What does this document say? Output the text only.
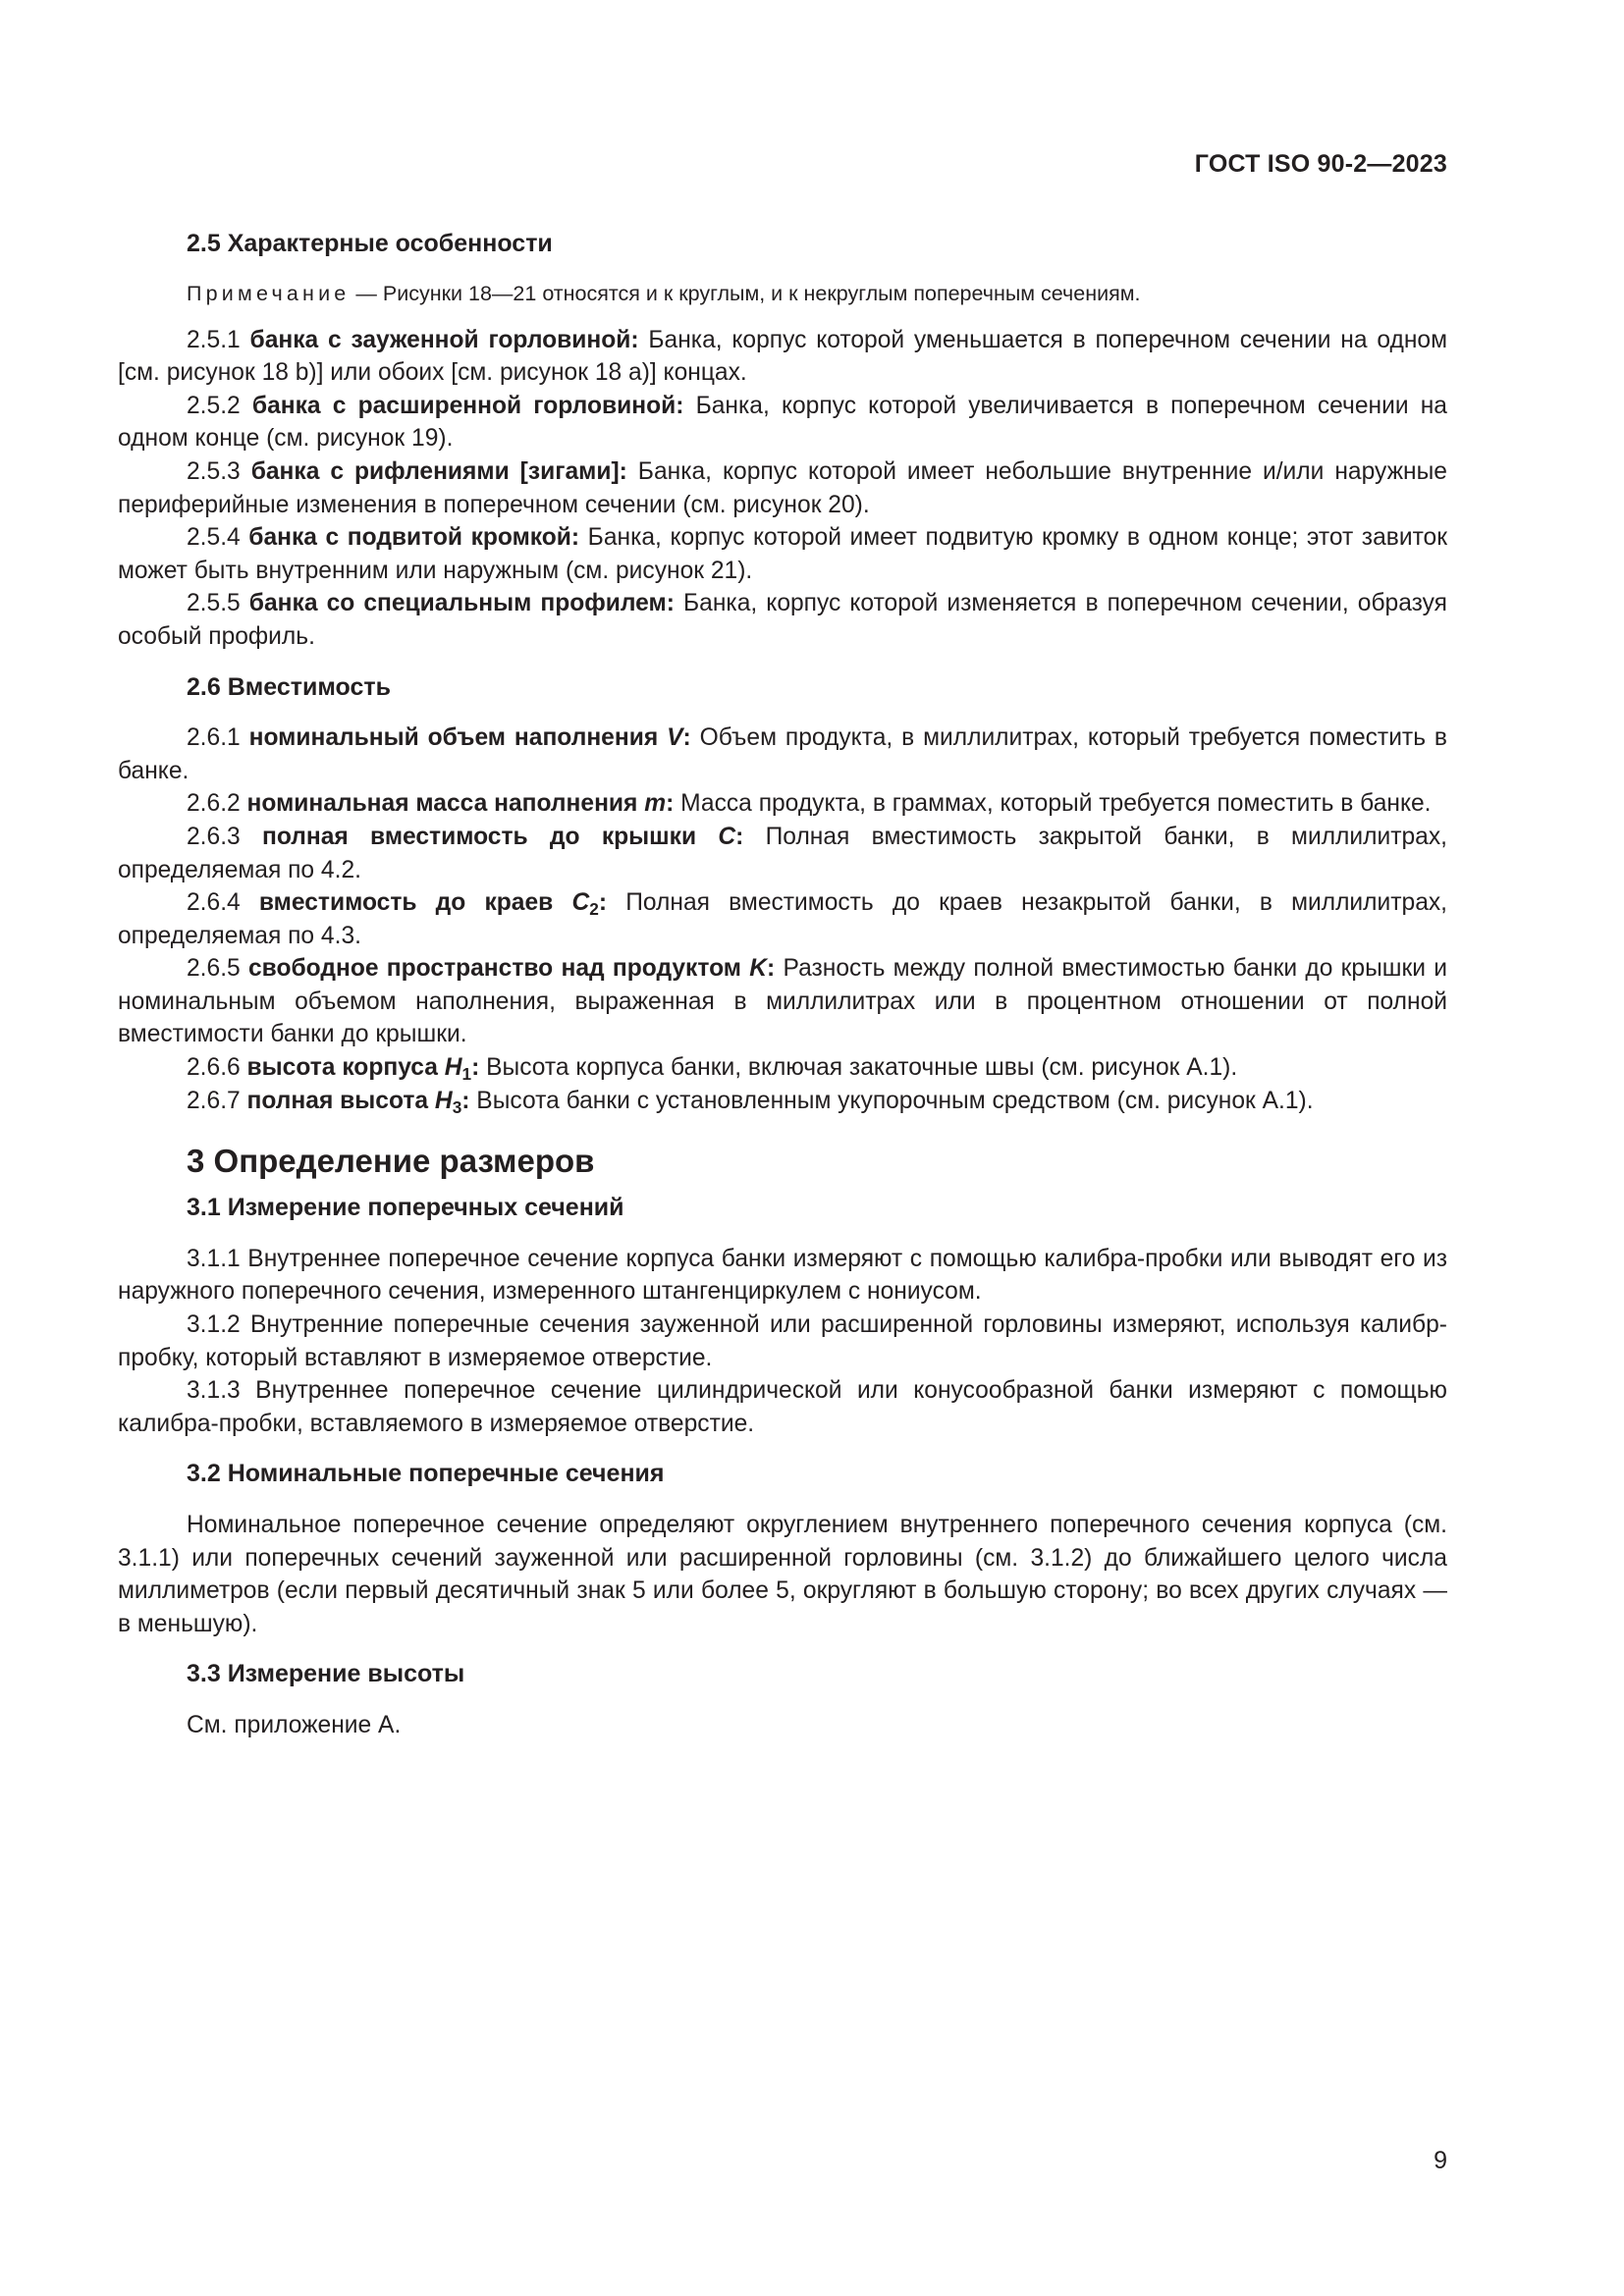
ГОСТ ISO 90-2—2023
2.5 Характерные особенности
Примечание — Рисунки 18—21 относятся и к круглым, и к некруглым поперечным сечениям.

2.5.1 банка с зауженной горловиной: Банка, корпус которой уменьшается в поперечном сечении на одном [см. рисунок 18 b)] или обоих [см. рисунок 18 a)] концах.

2.5.2 банка с расширенной горловиной: Банка, корпус которой увеличивается в поперечном сечении на одном конце (см. рисунок 19).

2.5.3 банка с рифлениями [зигами]: Банка, корпус которой имеет небольшие внутренние и/или наружные периферийные изменения в поперечном сечении (см. рисунок 20).

2.5.4 банка с подвитой кромкой: Банка, корпус которой имеет подвитую кромку в одном конце; этот завиток может быть внутренним или наружным (см. рисунок 21).

2.5.5 банка со специальным профилем: Банка, корпус которой изменяется в поперечном сечении, образуя особый профиль.

2.6 Вместимость

2.6.1 номинальный объем наполнения V: Объем продукта, в миллилитрах, который требуется поместить в банке.

2.6.2 номинальная масса наполнения m: Масса продукта, в граммах, который требуется поместить в банке.

2.6.3 полная вместимость до крышки C: Полная вместимость закрытой банки, в миллилитрах, определяемая по 4.2.

2.6.4 вместимость до краев $C_2$: Полная вместимость до краев незакрытой банки, в миллилитрах, определяемая по 4.3.

2.6.5 свободное пространство над продуктом K: Разность между полной вместимостью банки до крышки и номинальным объемом наполнения, выраженная в миллилитрах или в процентном отношении от полной вместимости банки до крышки.

2.6.6 высота корпуса $H_1$: Высота корпуса банки, включая закаточные швы (см. рисунок А.1).

2.6.7 полная высота $H_3$: Высота банки с установленным укупорочным средством (см. рисунок А.1).

3 Определение размеров
3.1 Измерение поперечных сечений

3.1.1 Внутреннее поперечное сечение корпуса банки измеряют с помощью калибра-пробки или выводят его из наружного поперечного сечения, измеренного штангенциркулем с нониусом.

3.1.2 Внутренние поперечные сечения зауженной или расширенной горловины измеряют, используя калибр-пробку, который вставляют в измеряемое отверстие.

3.1.3 Внутреннее поперечное сечение цилиндрической или конусообразной банки измеряют с помощью калибра-пробки, вставляемого в измеряемое отверстие.

3.2 Номинальные поперечные сечения

Номинальное поперечное сечение определяют округлением внутреннего поперечного сечения корпуса (см. 3.1.1) или поперечных сечений зауженной или расширенной горловины (см. 3.1.2) до ближайшего целого числа миллиметров (если первый десятичный знак 5 или более 5, округляют в большую сторону; во всех других случаях — в меньшую).

3.3 Измерение высоты

См. приложение А.

9
